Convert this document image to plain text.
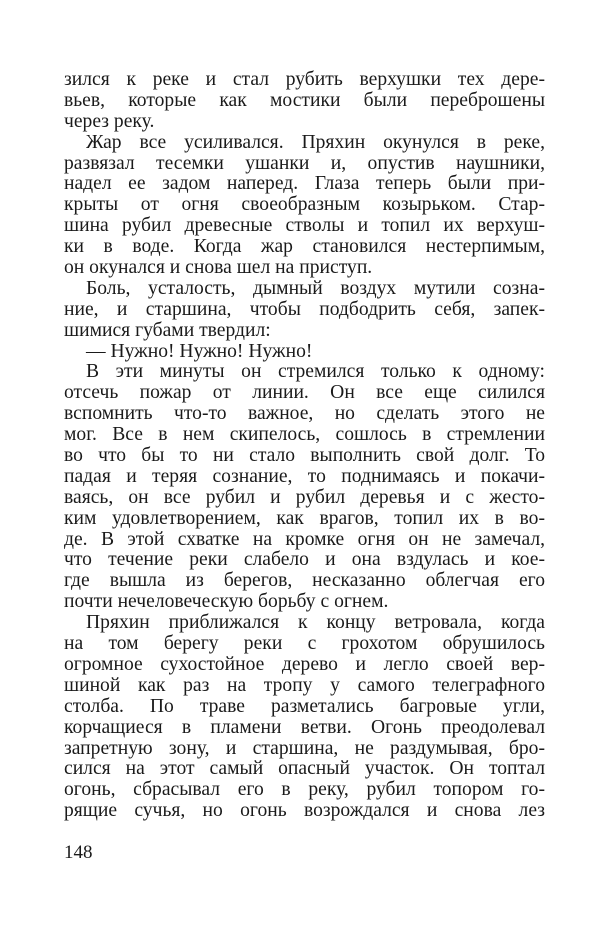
зился к реке и стал рубить верхушки тех дере-
вьев, которые как мостики были переброшены
через реку.
Жар все усиливался. Пряхин окунулся в реке,
развязал тесемки ушанки и, опустив наушники,
надел ее задом наперед. Глаза теперь были при-
крыты от огня своеобразным козырьком. Стар-
шина рубил древесные стволы и топил их верхуш-
ки в воде. Когда жар становился нестерпимым,
он окунался и снова шел на приступ.
Боль, усталость, дымный воздух мутили созна-
ние, и старшина, чтобы подбодрить себя, запек-
шимися губами твердил:
— Нужно! Нужно! Нужно!
В эти минуты он стремился только к одному:
отсечь пожар от линии. Он все еще силился
вспомнить что-то важное, но сделать этого не
мог. Все в нем скипелось, сошлось в стремлении
во что бы то ни стало выполнить свой долг. То
падая и теряя сознание, то поднимаясь и покачи-
ваясь, он все рубил и рубил деревья и с жесто-
ким удовлетворением, как врагов, топил их в во-
де. В этой схватке на кромке огня он не замечал,
что течение реки слабело и она вздулась и кое-
где вышла из берегов, несказанно облегчая его
почти нечеловеческую борьбу с огнем.
Пряхин приближался к концу ветровала, когда
на том берегу реки с грохотом обрушилось
огромное сухостойное дерево и легло своей вер-
шиной как раз на тропу у самого телеграфного
столба. По траве разметались багровые угли,
корчащиеся в пламени ветви. Огонь преодолевал
запретную зону, и старшина, не раздумывая, бро-
сился на этот самый опасный участок. Он топтал
огонь, сбрасывал его в реку, рубил топором го-
рящие сучья, но огонь возрождался и снова лез
148
